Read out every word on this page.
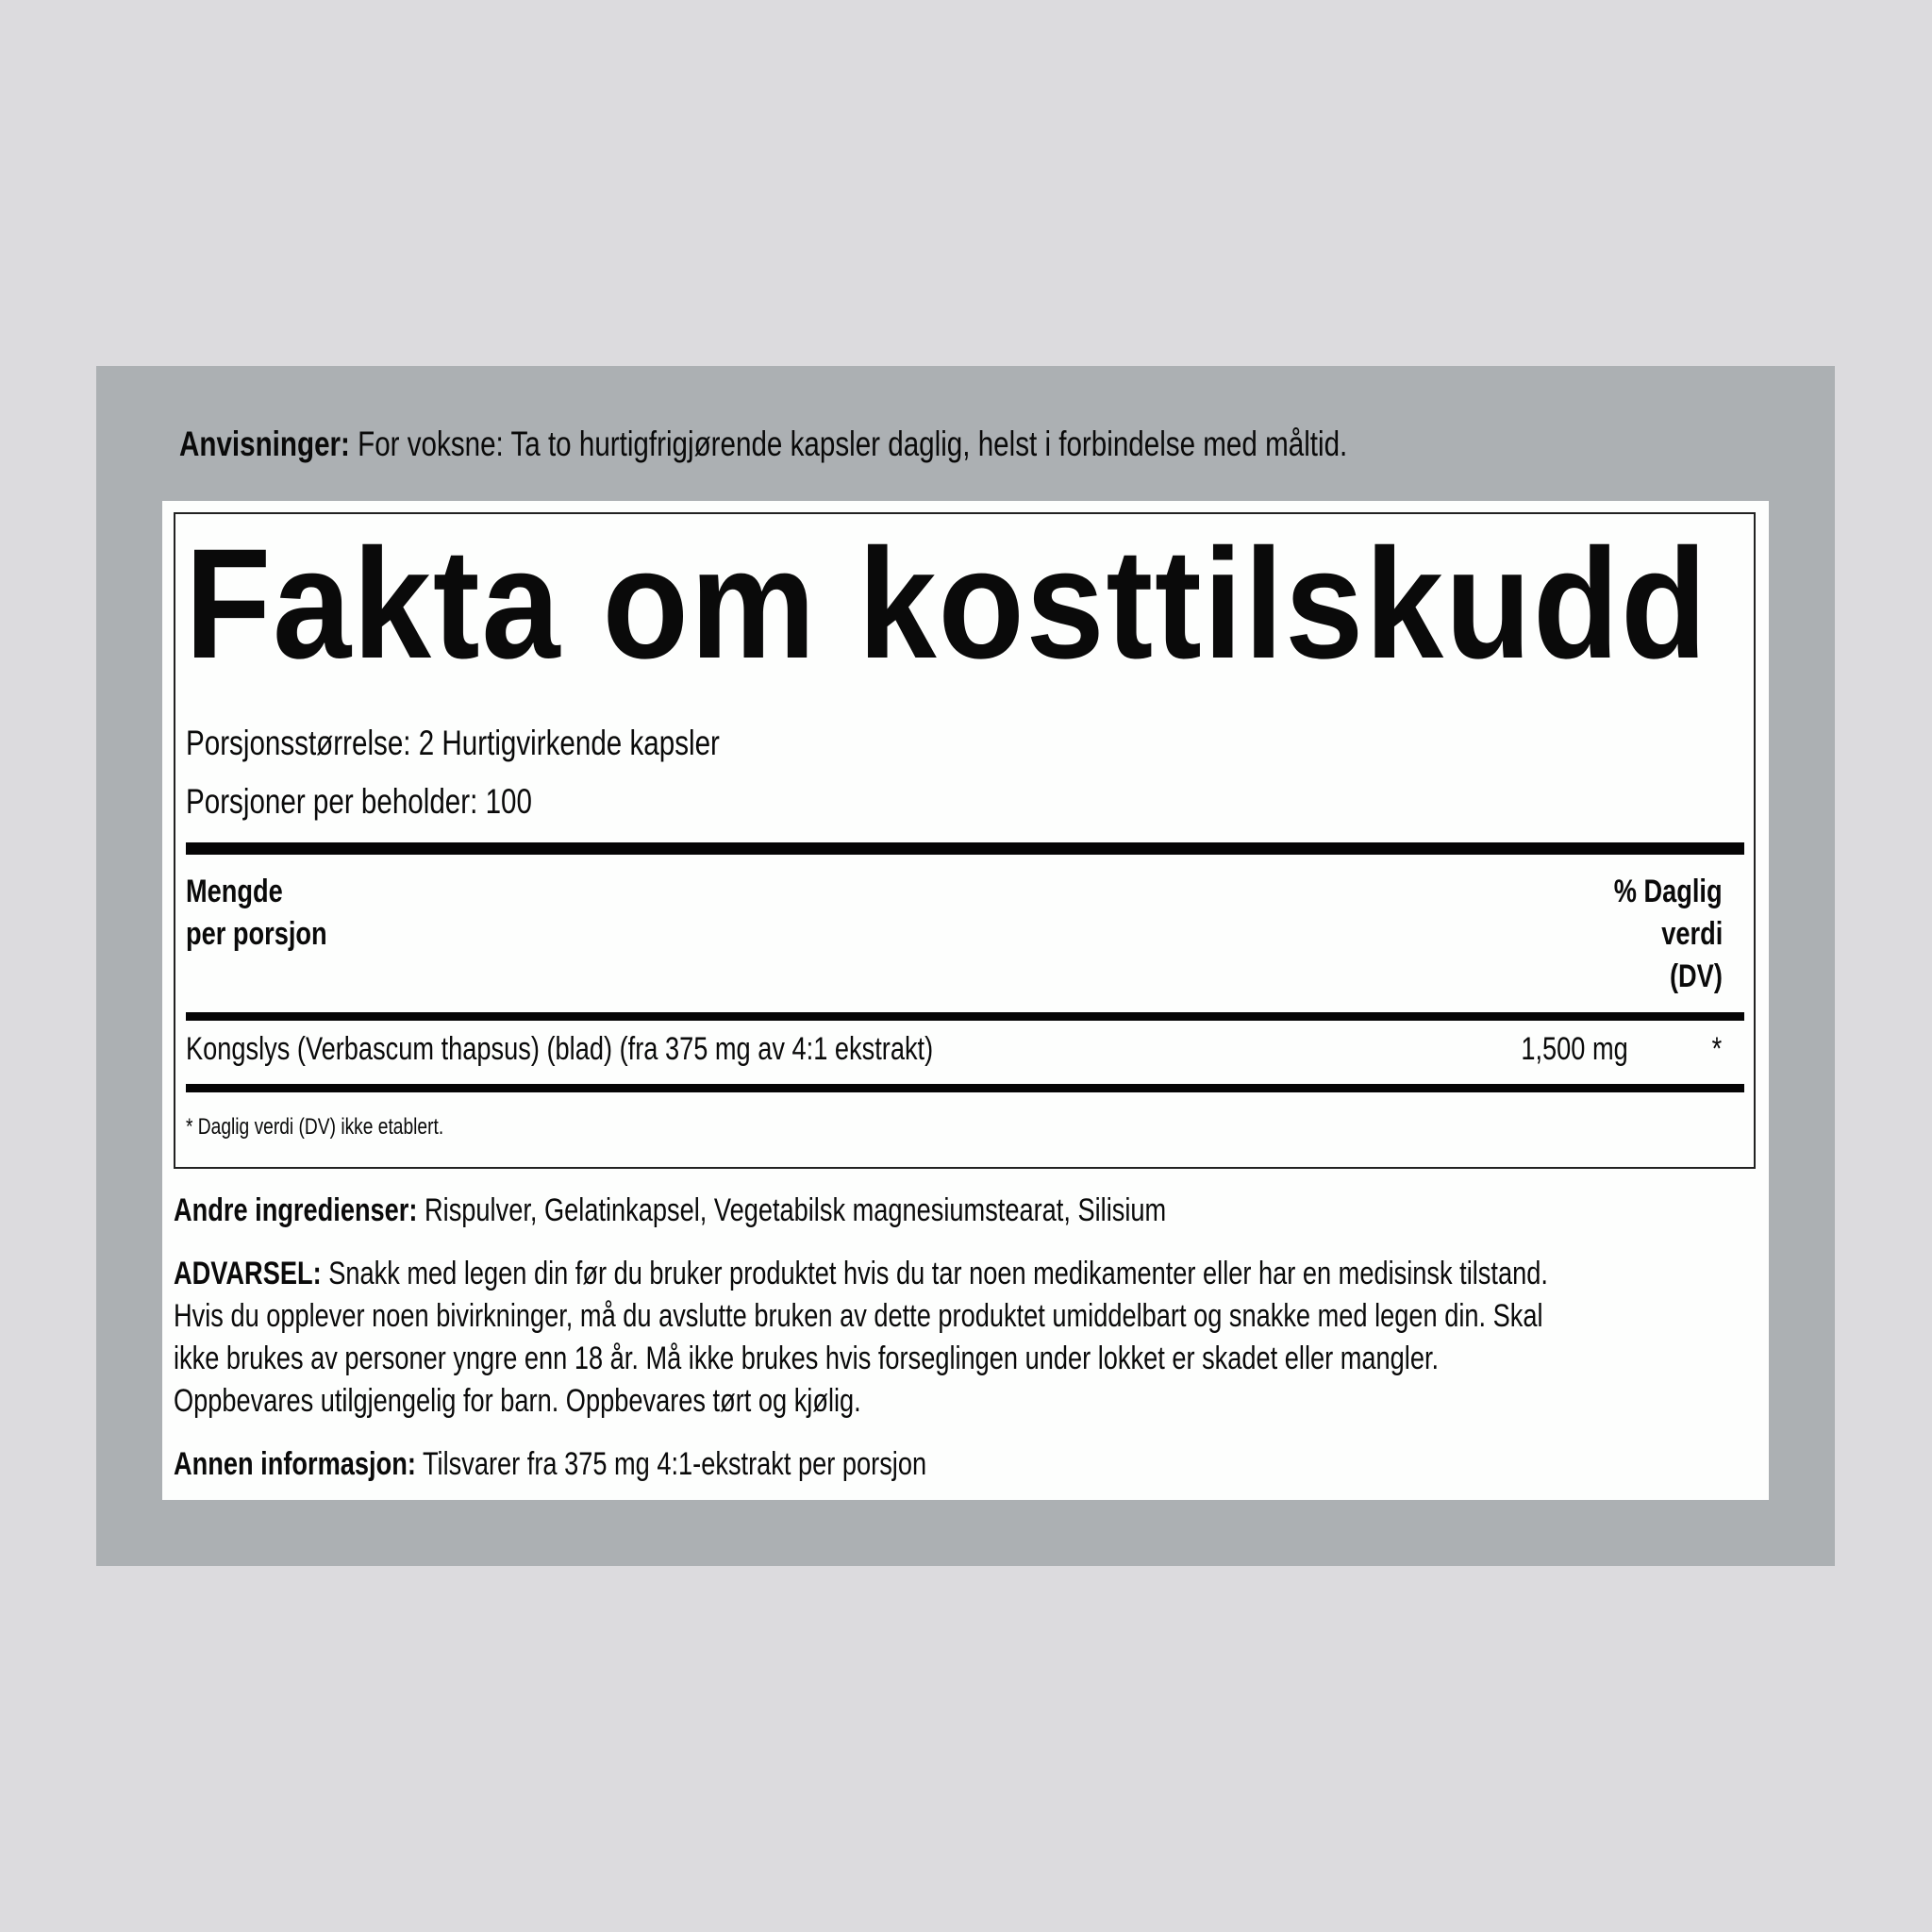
Anvisninger: For voksne: Ta to hurtigfrigjørende kapsler daglig, helst i forbindelse med måltid.
Fakta om kosttilskudd
Porsjonsstørrelse: 2 Hurtigvirkende kapsler
Porsjoner per beholder: 100
Mengde
per porsjon
% Daglig
verdi
(DV)
Kongslys (Verbascum thapsus) (blad) (fra 375 mg av 4:1 ekstrakt)	1,500 mg	*
* Daglig verdi (DV) ikke etablert.
Andre ingredienser: Rispulver, Gelatinkapsel, Vegetabilsk magnesiumstearat, Silisium
ADVARSEL: Snakk med legen din før du bruker produktet hvis du tar noen medikamenter eller har en medisinsk tilstand.
Hvis du opplever noen bivirkninger, må du avslutte bruken av dette produktet umiddelbart og snakke med legen din. Skal
ikke brukes av personer yngre enn 18 år. Må ikke brukes hvis forseglingen under lokket er skadet eller mangler.
Oppbevares utilgjengelig for barn. Oppbevares tørt og kjølig.
Annen informasjon: Tilsvarer fra 375 mg 4:1-ekstrakt per porsjon
